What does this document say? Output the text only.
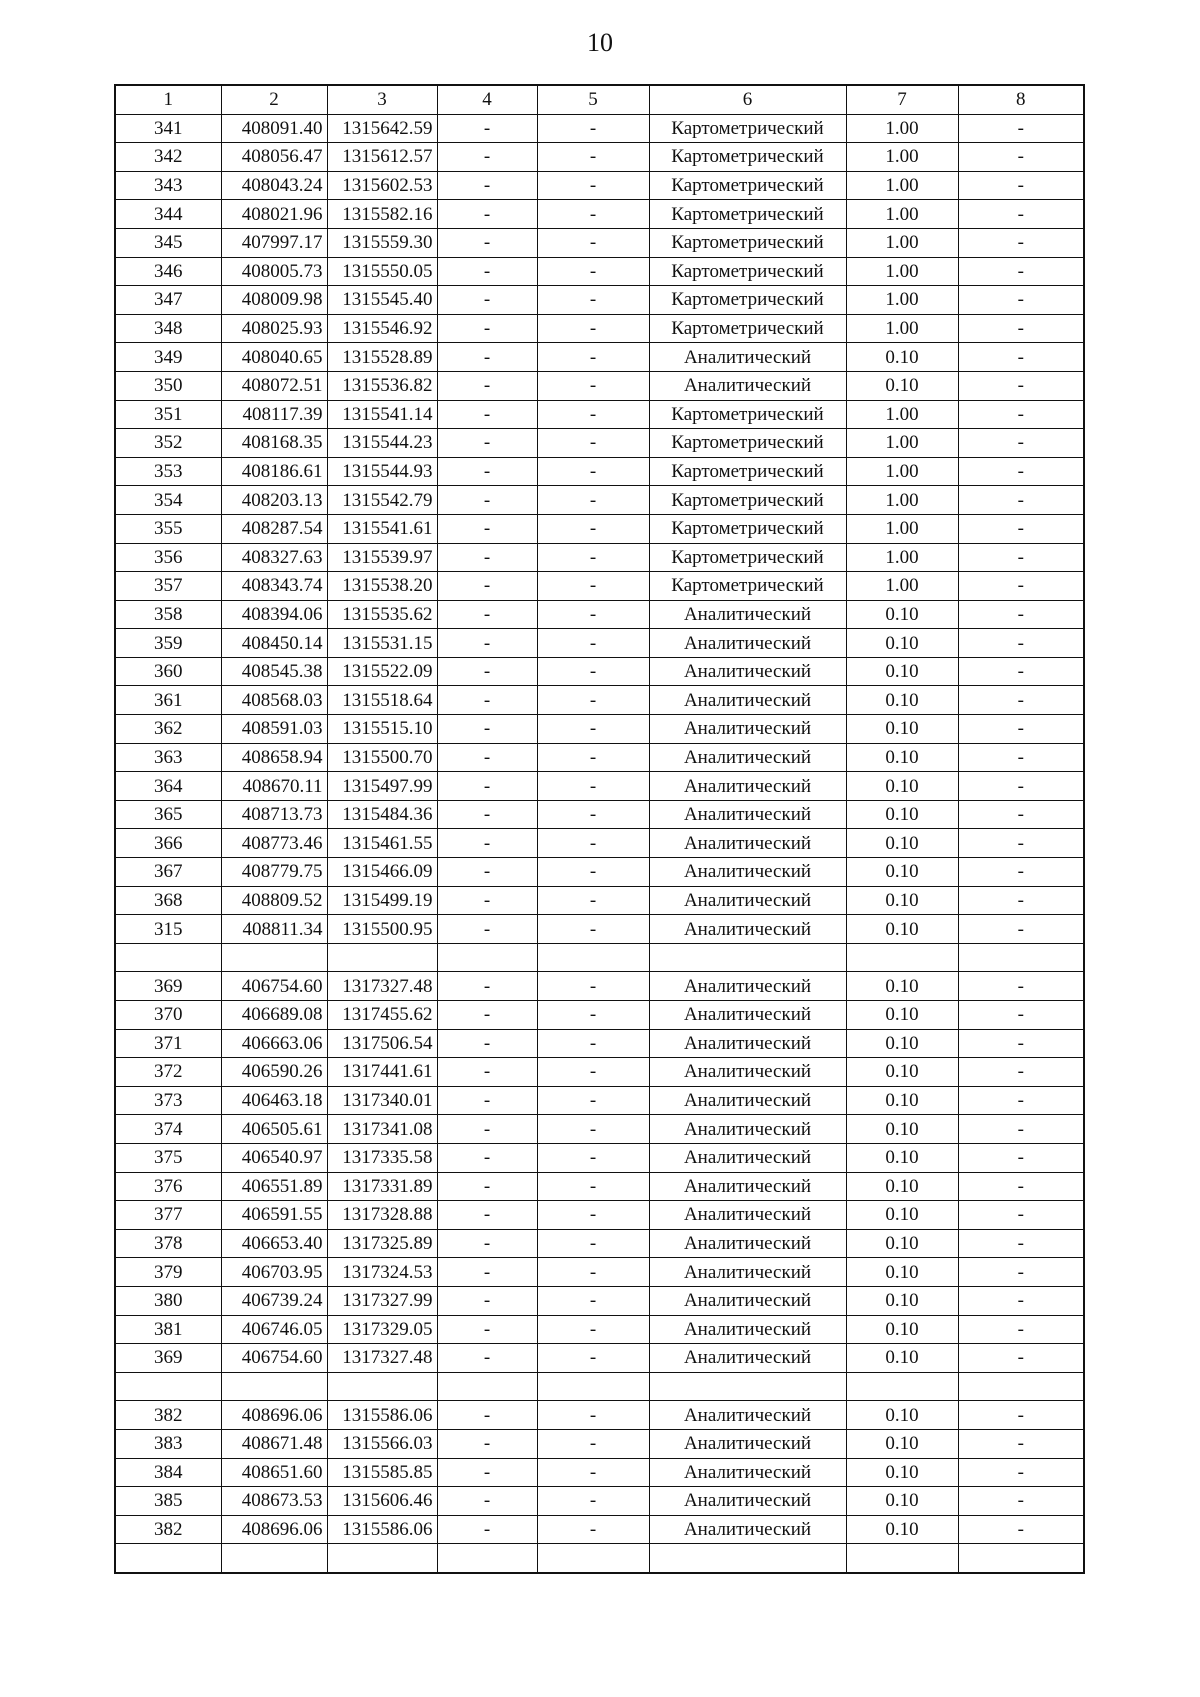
10
1	2	3	4	5	6	7	8
341	408091.40	1315642.59	-	-	Картометрический	1.00	-
342	408056.47	1315612.57	-	-	Картометрический	1.00	-
343	408043.24	1315602.53	-	-	Картометрический	1.00	-
344	408021.96	1315582.16	-	-	Картометрический	1.00	-
345	407997.17	1315559.30	-	-	Картометрический	1.00	-
346	408005.73	1315550.05	-	-	Картометрический	1.00	-
347	408009.98	1315545.40	-	-	Картометрический	1.00	-
348	408025.93	1315546.92	-	-	Картометрический	1.00	-
349	408040.65	1315528.89	-	-	Аналитический	0.10	-
350	408072.51	1315536.82	-	-	Аналитический	0.10	-
351	408117.39	1315541.14	-	-	Картометрический	1.00	-
352	408168.35	1315544.23	-	-	Картометрический	1.00	-
353	408186.61	1315544.93	-	-	Картометрический	1.00	-
354	408203.13	1315542.79	-	-	Картометрический	1.00	-
355	408287.54	1315541.61	-	-	Картометрический	1.00	-
356	408327.63	1315539.97	-	-	Картометрический	1.00	-
357	408343.74	1315538.20	-	-	Картометрический	1.00	-
358	408394.06	1315535.62	-	-	Аналитический	0.10	-
359	408450.14	1315531.15	-	-	Аналитический	0.10	-
360	408545.38	1315522.09	-	-	Аналитический	0.10	-
361	408568.03	1315518.64	-	-	Аналитический	0.10	-
362	408591.03	1315515.10	-	-	Аналитический	0.10	-
363	408658.94	1315500.70	-	-	Аналитический	0.10	-
364	408670.11	1315497.99	-	-	Аналитический	0.10	-
365	408713.73	1315484.36	-	-	Аналитический	0.10	-
366	408773.46	1315461.55	-	-	Аналитический	0.10	-
367	408779.75	1315466.09	-	-	Аналитический	0.10	-
368	408809.52	1315499.19	-	-	Аналитический	0.10	-
315	408811.34	1315500.95	-	-	Аналитический	0.10	-

369	406754.60	1317327.48	-	-	Аналитический	0.10	-
370	406689.08	1317455.62	-	-	Аналитический	0.10	-
371	406663.06	1317506.54	-	-	Аналитический	0.10	-
372	406590.26	1317441.61	-	-	Аналитический	0.10	-
373	406463.18	1317340.01	-	-	Аналитический	0.10	-
374	406505.61	1317341.08	-	-	Аналитический	0.10	-
375	406540.97	1317335.58	-	-	Аналитический	0.10	-
376	406551.89	1317331.89	-	-	Аналитический	0.10	-
377	406591.55	1317328.88	-	-	Аналитический	0.10	-
378	406653.40	1317325.89	-	-	Аналитический	0.10	-
379	406703.95	1317324.53	-	-	Аналитический	0.10	-
380	406739.24	1317327.99	-	-	Аналитический	0.10	-
381	406746.05	1317329.05	-	-	Аналитический	0.10	-
369	406754.60	1317327.48	-	-	Аналитический	0.10	-

382	408696.06	1315586.06	-	-	Аналитический	0.10	-
383	408671.48	1315566.03	-	-	Аналитический	0.10	-
384	408651.60	1315585.85	-	-	Аналитический	0.10	-
385	408673.53	1315606.46	-	-	Аналитический	0.10	-
382	408696.06	1315586.06	-	-	Аналитический	0.10	-
